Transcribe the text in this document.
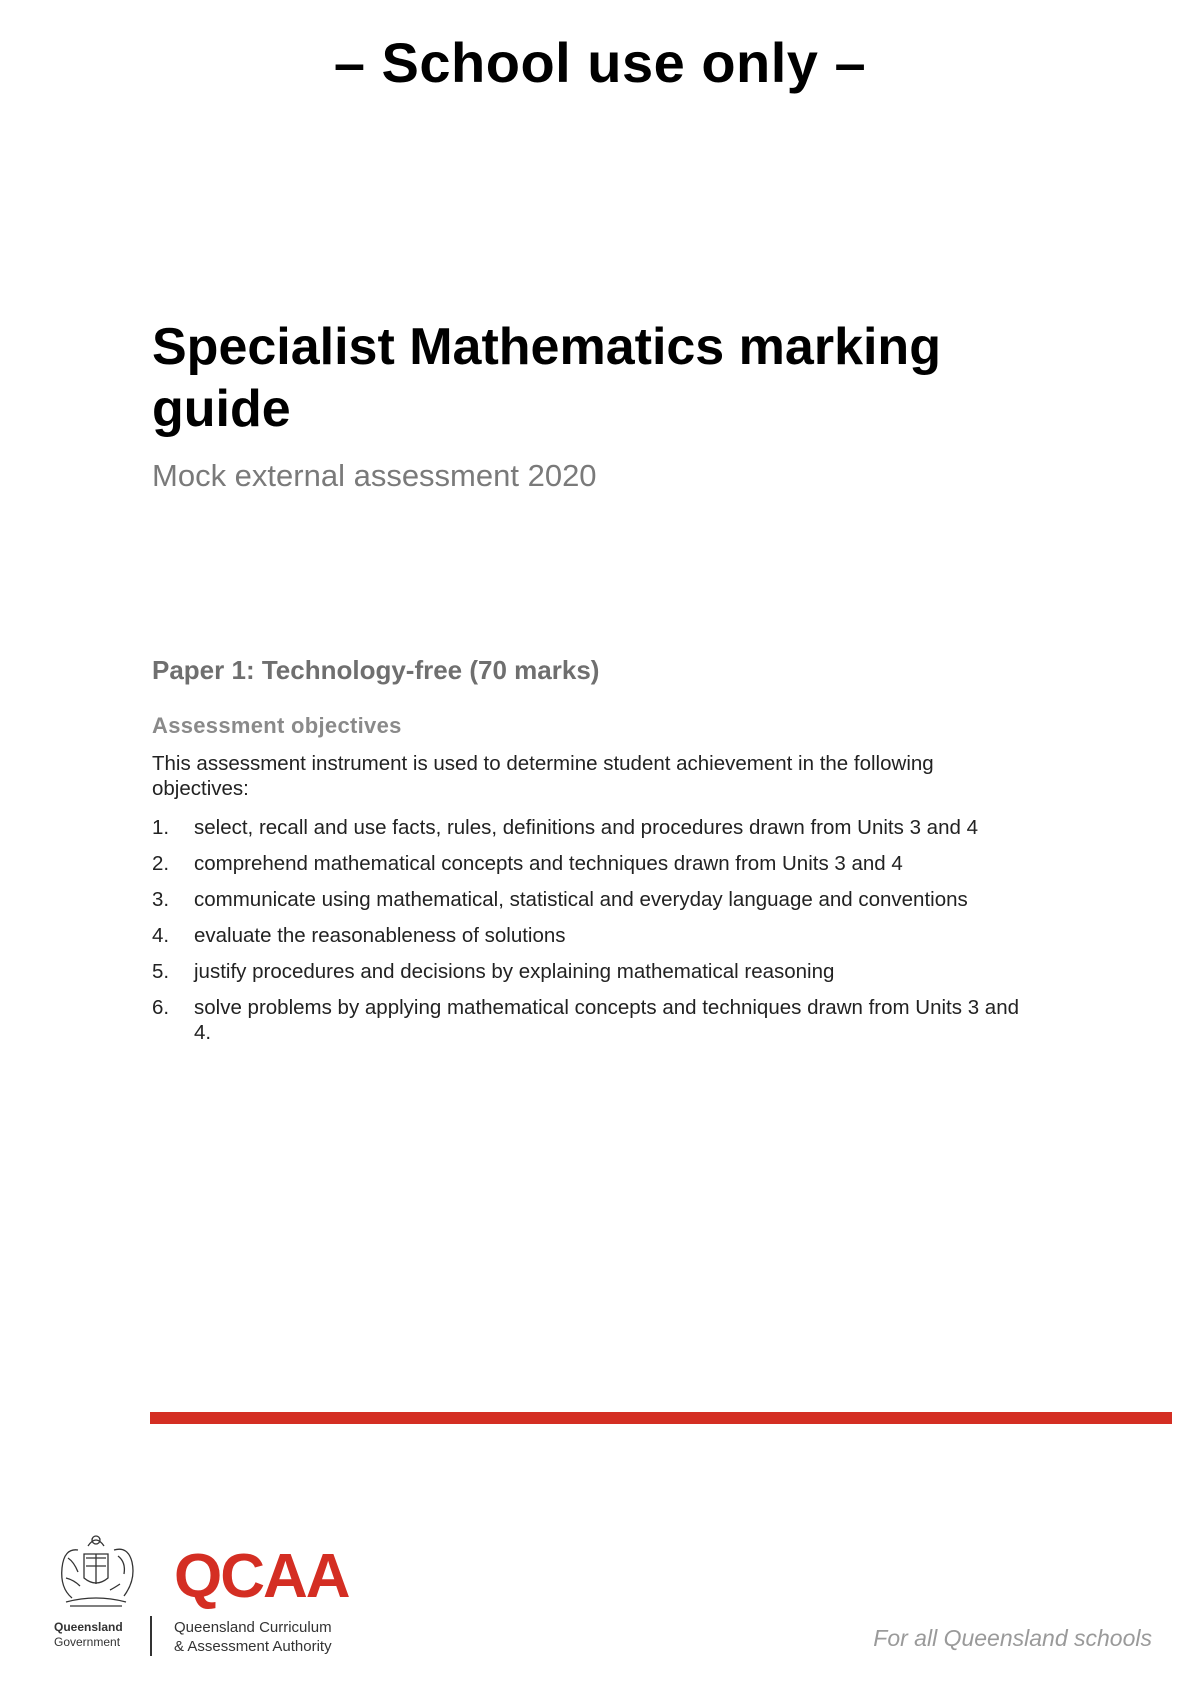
– School use only –
Specialist Mathematics marking guide
Mock external assessment 2020
Paper 1: Technology-free (70 marks)
Assessment objectives
This assessment instrument is used to determine student achievement in the following objectives:
1. select, recall and use facts, rules, definitions and procedures drawn from Units 3 and 4
2. comprehend mathematical concepts and techniques drawn from Units 3 and 4
3. communicate using mathematical, statistical and everyday language and conventions
4. evaluate the reasonableness of solutions
5. justify procedures and decisions by explaining mathematical reasoning
6. solve problems by applying mathematical concepts and techniques drawn from Units 3 and 4.
Queensland
Government
QCAA
Queensland Curriculum
& Assessment Authority	For all Queensland schools
